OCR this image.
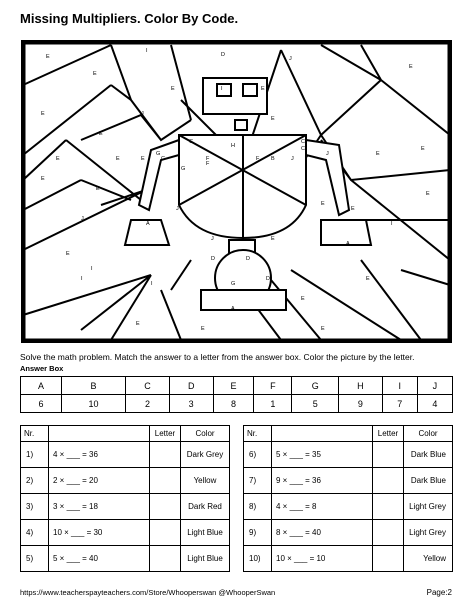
Missing Multipliers. Color By Code.
E
I
D
J
E
E
E	I	E
J
E
E
E
E
E
E
E
I
J
F
F
C
C
H
C
G
F	B
C
E
J	E
G
J
E
J	E
J
A
A
E
D
D
G
D
I
I
E
E
E
E	E
A
I
E
E
E
Solve the math problem. Match the answer to a letter from the answer box. Color the picture by the letter.
Answer Box
A	B	C	D	E	F	G	H	I	J
6	10	2	3	8	1	5	9	7	4
Nr.		Letter	Color
1)	4 × ___ = 36		Dark Grey
2)	2 × ___ = 20		Yellow
3)	3 × ___ = 18		Dark Red
4)	10 × ___ = 30		Light Blue
5)	5 × ___ = 40		Light Blue
Nr.		Letter	Color
6)	5 × ___ = 35		Dark Blue
7)	9 × ___ = 36		Dark Blue
8)	4 × ___ = 8		Light Grey
9)	8 × ___ = 40		Light Grey
10)	10 × ___ = 10		Yellow
https://www.teacherspayteachers.com/Store/Whooperswan @WhooperSwan	Page:2
